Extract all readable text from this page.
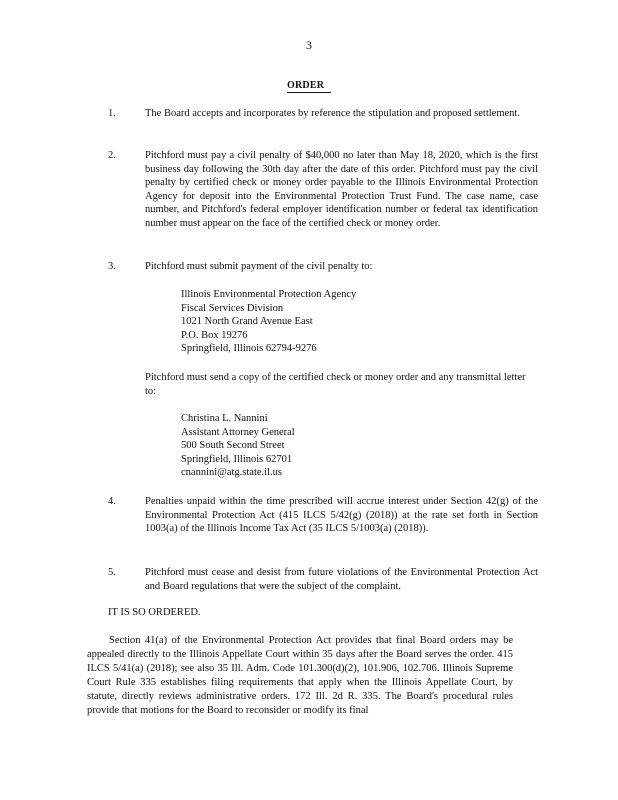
3
ORDER
1.	The Board accepts and incorporates by reference the stipulation and proposed settlement.
2.	Pitchford must pay a civil penalty of $40,000 no later than May 18, 2020, which is the first business day following the 30th day after the date of this order. Pitchford must pay the civil penalty by certified check or money order payable to the Illinois Environmental Protection Agency for deposit into the Environmental Protection Trust Fund. The case name, case number, and Pitchford's federal employer identification number or federal tax identification number must appear on the face of the certified check or money order.
3.	Pitchford must submit payment of the civil penalty to:
Illinois Environmental Protection Agency
Fiscal Services Division
1021 North Grand Avenue East
P.O. Box 19276
Springfield, Illinois 62794-9276
Pitchford must send a copy of the certified check or money order and any transmittal letter to:
Christina L. Nannini
Assistant Attorney General
500 South Second Street
Springfield, Illinois 62701
cnannini@atg.state.il.us
4.	Penalties unpaid within the time prescribed will accrue interest under Section 42(g) of the Environmental Protection Act (415 ILCS 5/42(g) (2018)) at the rate set forth in Section 1003(a) of the Illinois Income Tax Act (35 ILCS 5/1003(a) (2018)).
5.	Pitchford must cease and desist from future violations of the Environmental Protection Act and Board regulations that were the subject of the complaint.
IT IS SO ORDERED.
Section 41(a) of the Environmental Protection Act provides that final Board orders may be appealed directly to the Illinois Appellate Court within 35 days after the Board serves the order. 415 ILCS 5/41(a) (2018); see also 35 Ill. Adm. Code 101.300(d)(2), 101.906, 102.706. Illinois Supreme Court Rule 335 establishes filing requirements that apply when the Illinois Appellate Court, by statute, directly reviews administrative orders. 172 Ill. 2d R. 335. The Board's procedural rules provide that motions for the Board to reconsider or modify its final
